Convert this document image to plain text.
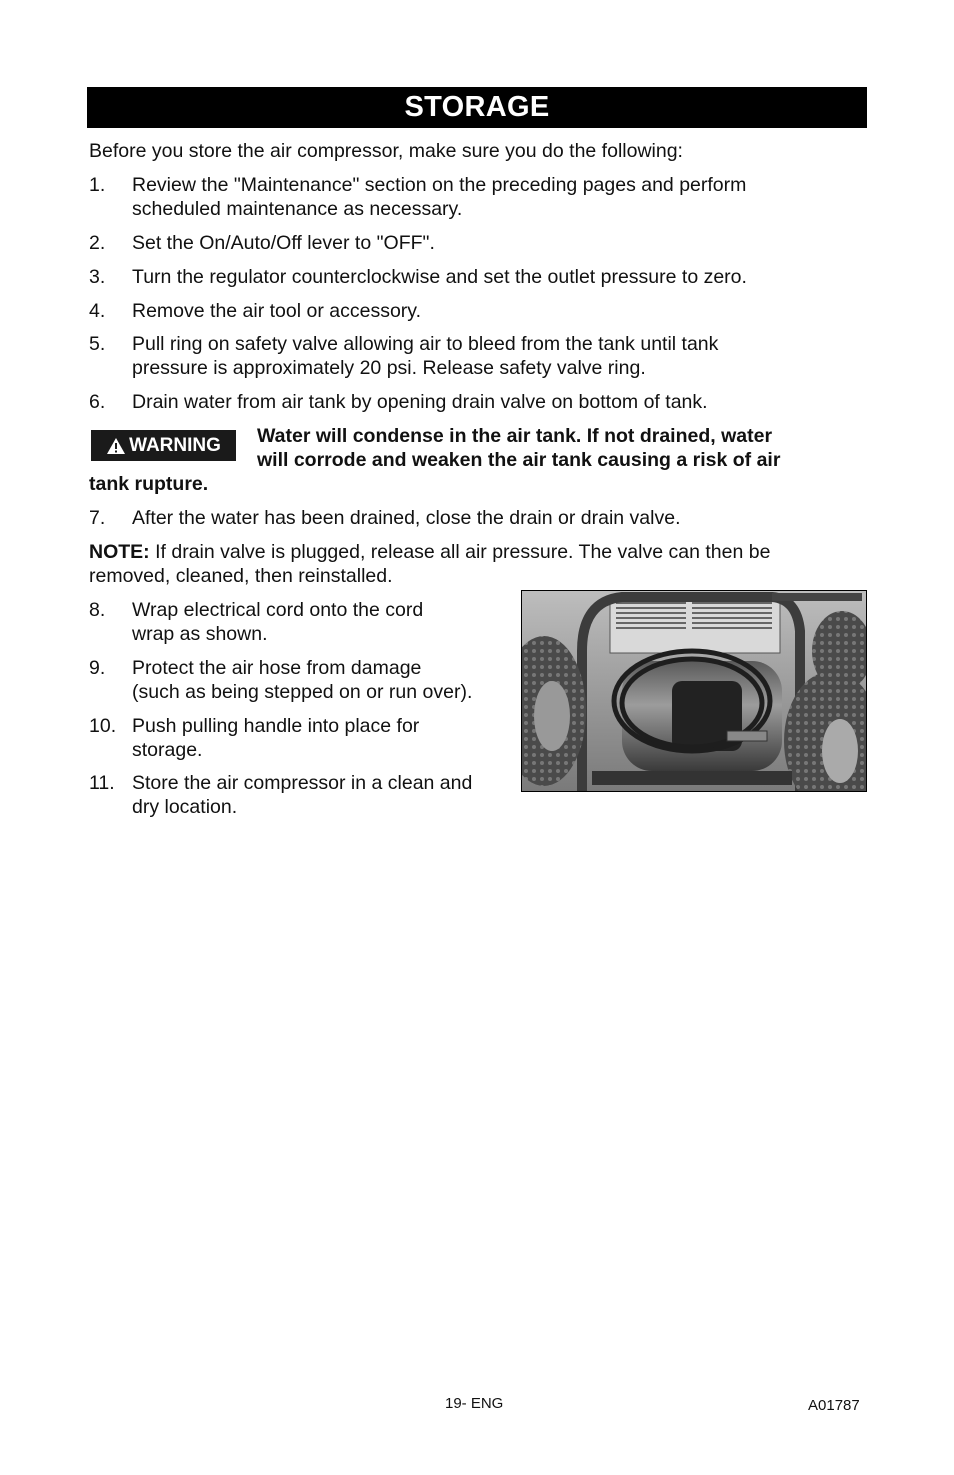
STORAGE
Before you store the air compressor, make sure you do the following:
1. Review the "Maintenance" section on the preceding pages and perform
scheduled maintenance as necessary.
2. Set the On/Auto/Off lever to "OFF".
3. Turn the regulator counterclockwise and set the outlet pressure to zero.
4. Remove the air tool or accessory.
5. Pull ring on safety valve allowing air to bleed from the tank until tank
pressure is approximately 20 psi. Release safety valve ring.
6. Drain water from air tank by opening drain valve on bottom of tank.
WARNING Water will condense in the air tank. If not drained, water
will corrode and weaken the air tank causing a risk of air
tank rupture.
7. After the water has been drained, close the drain or drain valve.
NOTE: If drain valve is plugged, release all air pressure. The valve can then be
removed, cleaned, then reinstalled.
8. Wrap electrical cord onto the cord
wrap as shown.
9. Protect the air hose from damage
(such as being stepped on or run over).
10. Push pulling handle into place for
storage.
11. Store the air compressor in a clean and
dry location.
19- ENG	A01787
